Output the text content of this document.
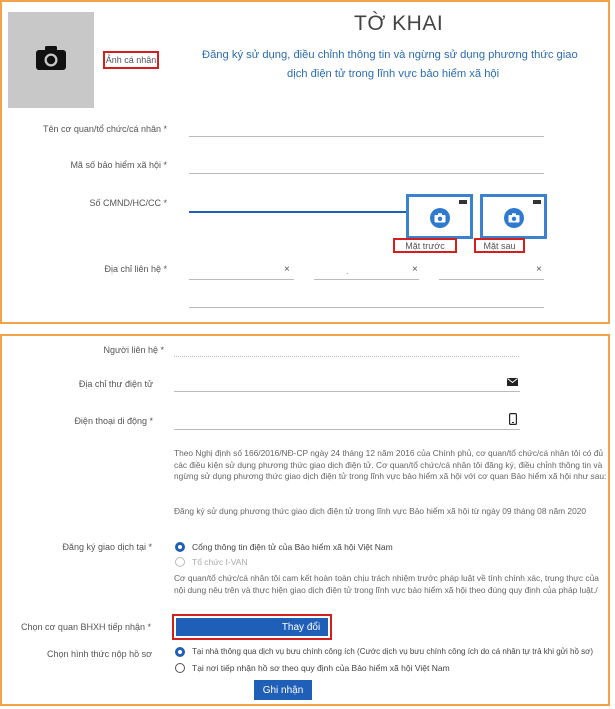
Ảnh cá nhân
TỜ KHAI
Đăng ký sử dụng, điều chỉnh thông tin và ngừng sử dụng phương thức giao
dịch điện tử trong lĩnh vực bảo hiểm xã hội
Tên cơ quan/tổ chức/cá nhân *
Mã số bảo hiểm xã hội *
Số CMND/HC/CC *
Mặt trước	Mặt sau
Địa chỉ liên hệ *	×	.	×	×
Người liên hệ *
Địa chỉ thư điện tử
Điện thoại di động *
Theo Nghị định số 166/2016/NĐ-CP ngày 24 tháng 12 năm 2016 của Chính phủ, cơ quan/tổ chức/cá nhân tôi có đủ các điều kiện sử dụng phương thức giao dịch điện tử. Cơ quan/tổ chức/cá nhân tôi đăng ký, điều chỉnh thông tin và ngừng sử dụng phương thức giao dịch điện tử trong lĩnh vực bảo hiểm xã hội với cơ quan Bảo hiểm xã hội như sau:
Đăng ký sử dụng phương thức giao dịch điện tử trong lĩnh vực Bảo hiểm xã hội từ ngày 09 tháng 08 năm 2020
Đăng ký giao dịch tại *	Cổng thông tin điện tử của Bảo hiểm xã hội Việt Nam
Tổ chức I-VAN
Cơ quan/tổ chức/cá nhân tôi cam kết hoàn toàn chịu trách nhiệm trước pháp luật về tính chính xác, trung thực của nội dung nêu trên và thực hiện giao dịch điện tử trong lĩnh vực bảo hiểm xã hội theo đúng quy định của pháp luật./
Chọn cơ quan BHXH tiếp nhận *	Thay đổi
Chọn hình thức nộp hồ sơ	Tại nhà thông qua dịch vụ bưu chính công ích (Cước dịch vụ bưu chính công ích do cá nhân tự trả khi gửi hồ sơ)
Tại nơi tiếp nhận hồ sơ theo quy định của Bảo hiểm xã hội Việt Nam
Ghi nhận
